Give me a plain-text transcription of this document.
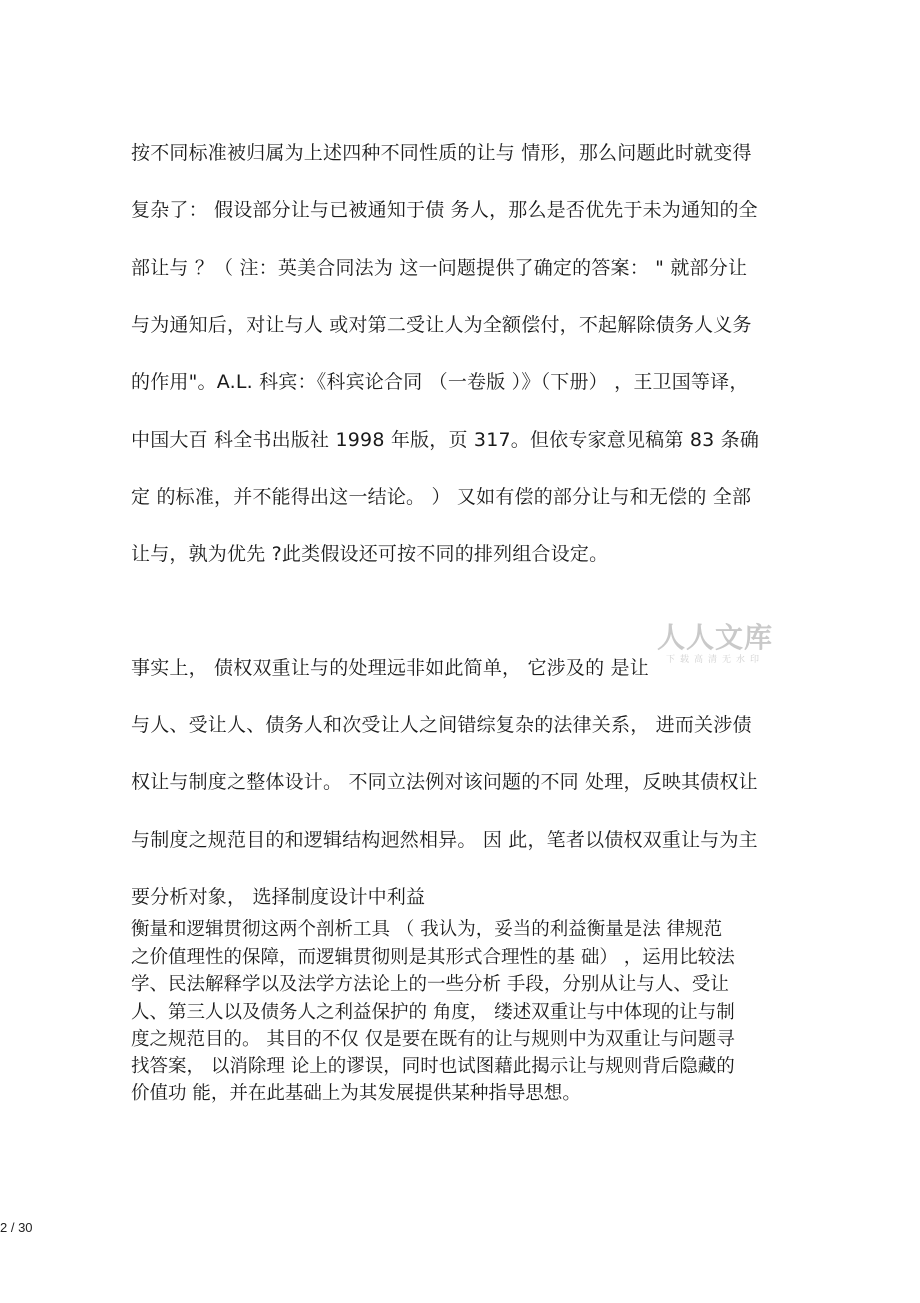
按不同标准被归属为上述四种不同性质的让与 情形，那么问题此时就变得
复杂了： 假设部分让与已被通知于债 务人，那么是否优先于未为通知的全
部让与 ？（ 注：英美合同法为 这一问题提供了确定的答案： " 就部分让
与为通知后，对让与人 或对第二受让人为全额偿付，不起解除债务人义务
的作用"。A.L. 科宾：《科宾论合同 （一卷版 ）》（下册） ，王卫国等译，
中国大百 科全书出版社 1998 年版，页 317。但依专家意见稿第 83 条确
定 的标准，并不能得出这一结论。 ） 又如有偿的部分让与和无偿的 全部
让与，孰为优先 ?此类假设还可按不同的排列组合设定。
人人文库
下载高清无水印
事实上， 债权双重让与的处理远非如此简单， 它涉及的 是让
与人、受让人、债务人和次受让人之间错综复杂的法律关系， 进而关涉债
权让与制度之整体设计。 不同立法例对该问题的不同 处理，反映其债权让
与制度之规范目的和逻辑结构迥然相异。 因 此，笔者以债权双重让与为主
要分析对象， 选择制度设计中利益
衡量和逻辑贯彻这两个剖析工具 （ 我认为，妥当的利益衡量是法 律规范
之价值理性的保障，而逻辑贯彻则是其形式合理性的基 础） ，运用比较法
学、民法解释学以及法学方法论上的一些分析 手段，分别从让与人、受让
人、第三人以及债务人之利益保护的 角度， 缕述双重让与中体现的让与制
度之规范目的。 其目的不仅 仅是要在既有的让与规则中为双重让与问题寻
找答案， 以消除理 论上的谬误，同时也试图藉此揭示让与规则背后隐藏的
价值功 能，并在此基础上为其发展提供某种指导思想。
2 / 30
